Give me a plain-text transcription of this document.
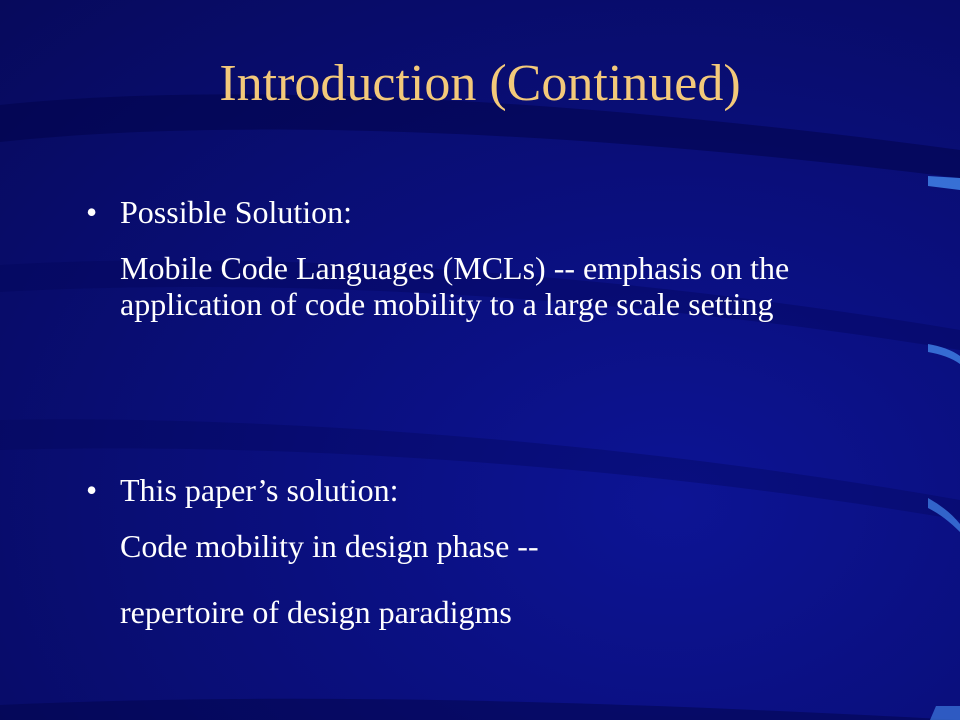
Introduction (Continued)
• Possible Solution:
Mobile Code Languages (MCLs) -- emphasis on the application of code mobility to a large scale setting
• This paper’s solution:
Code mobility in design phase --
repertoire of design paradigms
